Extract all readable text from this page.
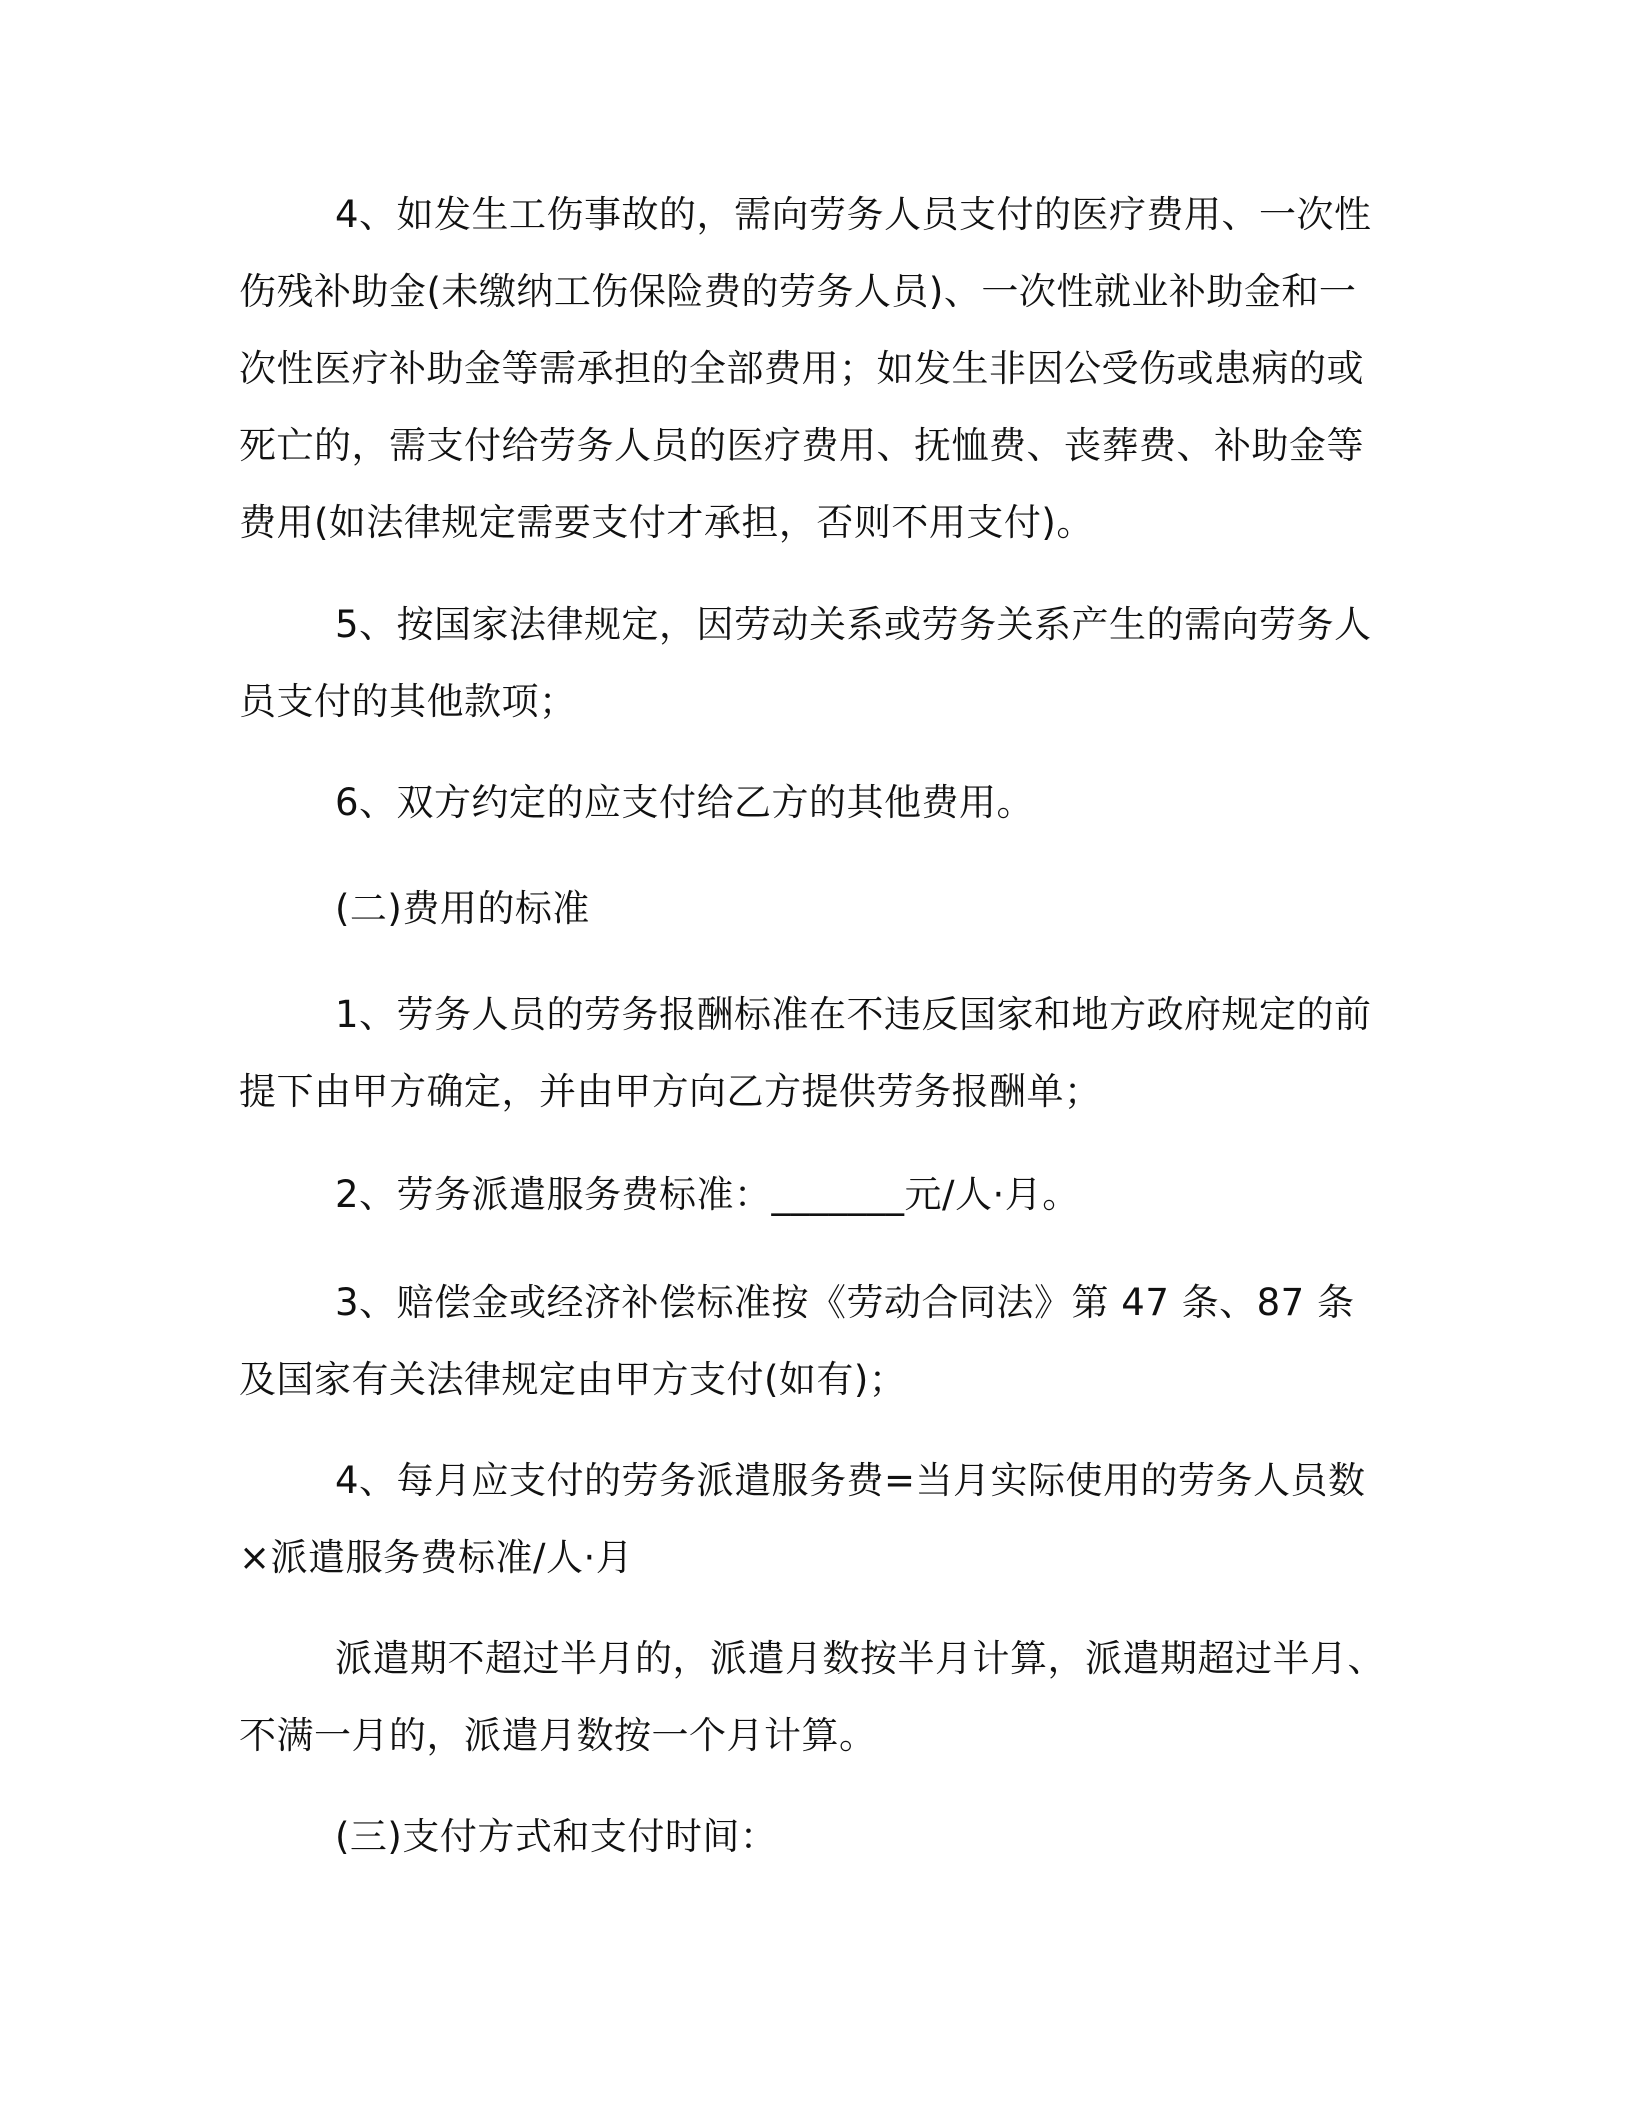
4、如发生工伤事故的，需向劳务人员支付的医疗费用、一次性伤残补助金(未缴纳工伤保险费的劳务人员)、一次性就业补助金和一次性医疗补助金等需承担的全部费用；如发生非因公受伤或患病的或死亡的，需支付给劳务人员的医疗费用、抚恤费、丧葬费、补助金等费用(如法律规定需要支付才承担，否则不用支付)。

5、按国家法律规定，因劳动关系或劳务关系产生的需向劳务人员支付的其他款项；

6、双方约定的应支付给乙方的其他费用。

(二)费用的标准

1、劳务人员的劳务报酬标准在不违反国家和地方政府规定的前提下由甲方确定，并由甲方向乙方提供劳务报酬单；

2、劳务派遣服务费标准：_______元/人·月。

3、赔偿金或经济补偿标准按《劳动合同法》第 47 条、87 条及国家有关法律规定由甲方支付(如有)；

4、每月应支付的劳务派遣服务费=当月实际使用的劳务人员数×派遣服务费标准/人·月

派遣期不超过半月的，派遣月数按半月计算，派遣期超过半月、不满一月的，派遣月数按一个月计算。

(三)支付方式和支付时间：
